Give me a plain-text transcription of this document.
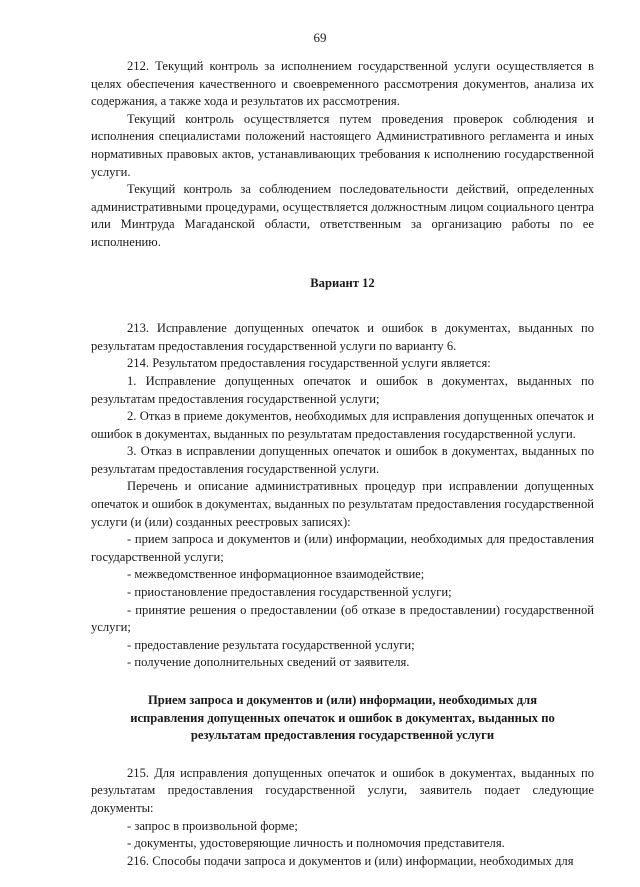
69

212. Текущий контроль за исполнением государственной услуги осуществляется в целях обеспечения качественного и своевременного рассмотрения документов, анализа их содержания, а также хода и результатов их рассмотрения.

Текущий контроль осуществляется путем проведения проверок соблюдения и исполнения специалистами положений настоящего Административного регламента и иных нормативных правовых актов, устанавливающих требования к исполнению государственной услуги.

Текущий контроль за соблюдением последовательности действий, определенных административными процедурами, осуществляется должностным лицом социального центра или Минтруда Магаданской области, ответственным за организацию работы по ее исполнению.

Вариант 12

213. Исправление допущенных опечаток и ошибок в документах, выданных по результатам предоставления государственной услуги по варианту 6.

214. Результатом предоставления государственной услуги является:

1. Исправление допущенных опечаток и ошибок в документах, выданных по результатам предоставления государственной услуги;

2. Отказ в приеме документов, необходимых для исправления допущенных опечаток и ошибок в документах, выданных по результатам предоставления государственной услуги.

3. Отказ в исправлении допущенных опечаток и ошибок в документах, выданных по результатам предоставления государственной услуги.

Перечень и описание административных процедур при исправлении допущенных опечаток и ошибок в документах, выданных по результатам предоставления государственной услуги (и (или) созданных реестровых записях):

- прием запроса и документов и (или) информации, необходимых для предоставления государственной услуги;

- межведомственное информационное взаимодействие;

- приостановление предоставления государственной услуги;

- принятие решения о предоставлении (об отказе в предоставлении) государственной услуги;

- предоставление результата государственной услуги;

- получение дополнительных сведений от заявителя.

Прием запроса и документов и (или) информации, необходимых для
исправления допущенных опечаток и ошибок в документах, выданных по
результатам предоставления государственной услуги

215. Для исправления допущенных опечаток и ошибок в документах, выданных по результатам предоставления государственной услуги, заявитель подает следующие документы:

- запрос в произвольной форме;

- документы, удостоверяющие личность и полномочия представителя.

216. Способы подачи запроса и документов и (или) информации, необходимых для
